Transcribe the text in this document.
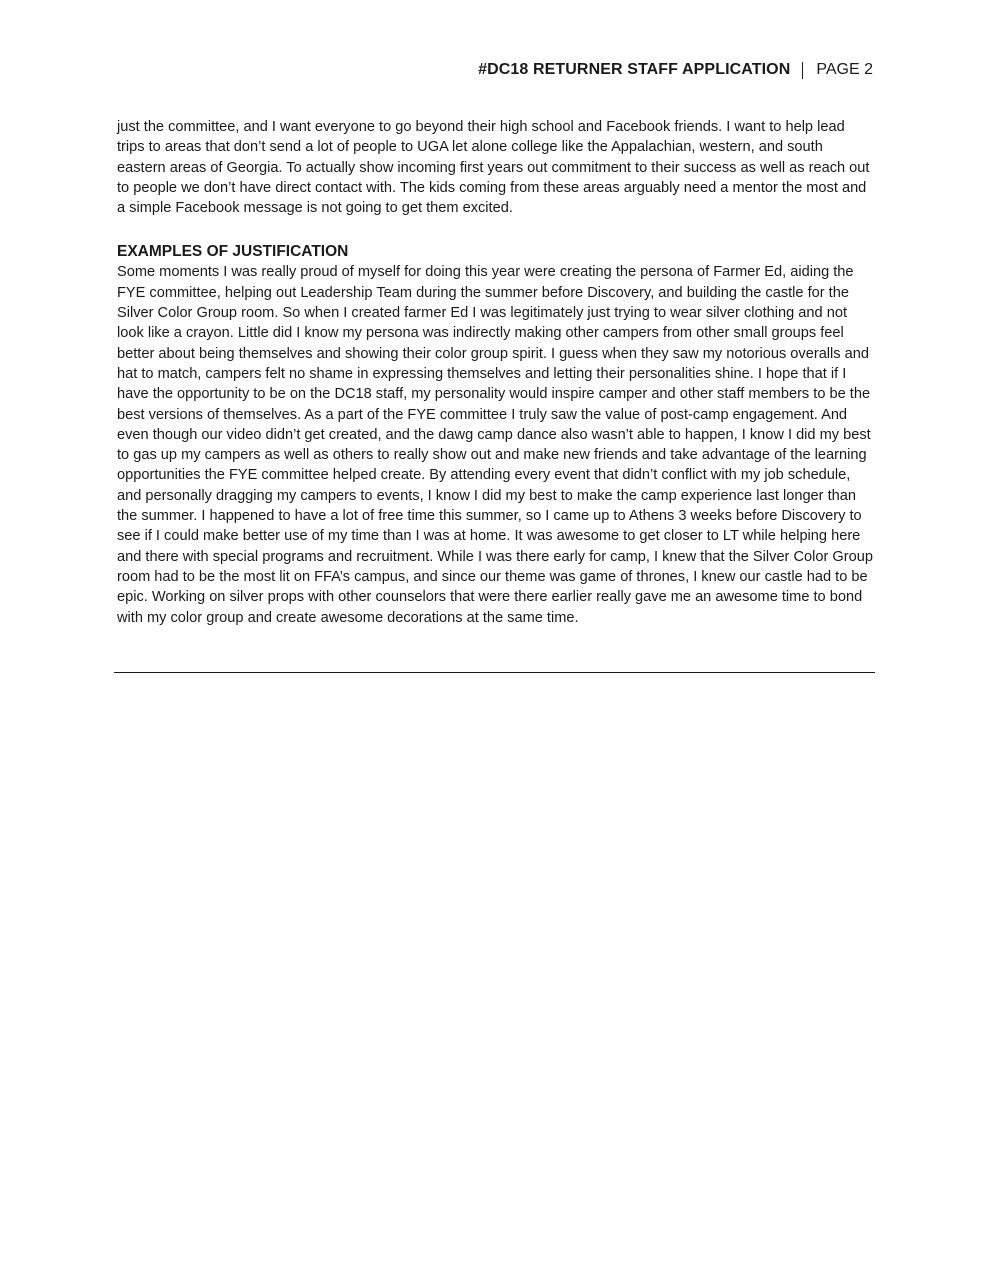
#DC18 RETURNER STAFF APPLICATION PAGE 2

just the committee, and I want everyone to go beyond their high school and Facebook friends. I want to help lead trips to areas that don’t send a lot of people to UGA let alone college like the Appalachian, western, and south eastern areas of Georgia. To actually show incoming first years out commitment to their success as well as reach out to people we don’t have direct contact with. The kids coming from these areas arguably need a mentor the most and a simple Facebook message is not going to get them excited.

EXAMPLES OF JUSTIFICATION

Some moments I was really proud of myself for doing this year were creating the persona of Farmer Ed, aiding the FYE committee, helping out Leadership Team during the summer before Discovery, and building the castle for the Silver Color Group room. So when I created farmer Ed I was legitimately just trying to wear silver clothing and not look like a crayon. Little did I know my persona was indirectly making other campers from other small groups feel better about being themselves and showing their color group spirit. I guess when they saw my notorious overalls and hat to match, campers felt no shame in expressing themselves and letting their personalities shine. I hope that if I have the opportunity to be on the DC18 staff, my personality would inspire camper and other staff members to be the best versions of themselves. As a part of the FYE committee I truly saw the value of post-camp engagement. And even though our video didn’t get created, and the dawg camp dance also wasn’t able to happen, I know I did my best to gas up my campers as well as others to really show out and make new friends and take advantage of the learning opportunities the FYE committee helped create. By attending every event that didn’t conflict with my job schedule, and personally dragging my campers to events, I know I did my best to make the camp experience last longer than the summer. I happened to have a lot of free time this summer, so I came up to Athens 3 weeks before Discovery to see if I could make better use of my time than I was at home. It was awesome to get closer to LT while helping here and there with special programs and recruitment. While I was there early for camp, I knew that the Silver Color Group room had to be the most lit on FFA’s campus, and since our theme was game of thrones, I knew our castle had to be epic. Working on silver props with other counselors that were there earlier really gave me an awesome time to bond with my color group and create awesome decorations at the same time.
